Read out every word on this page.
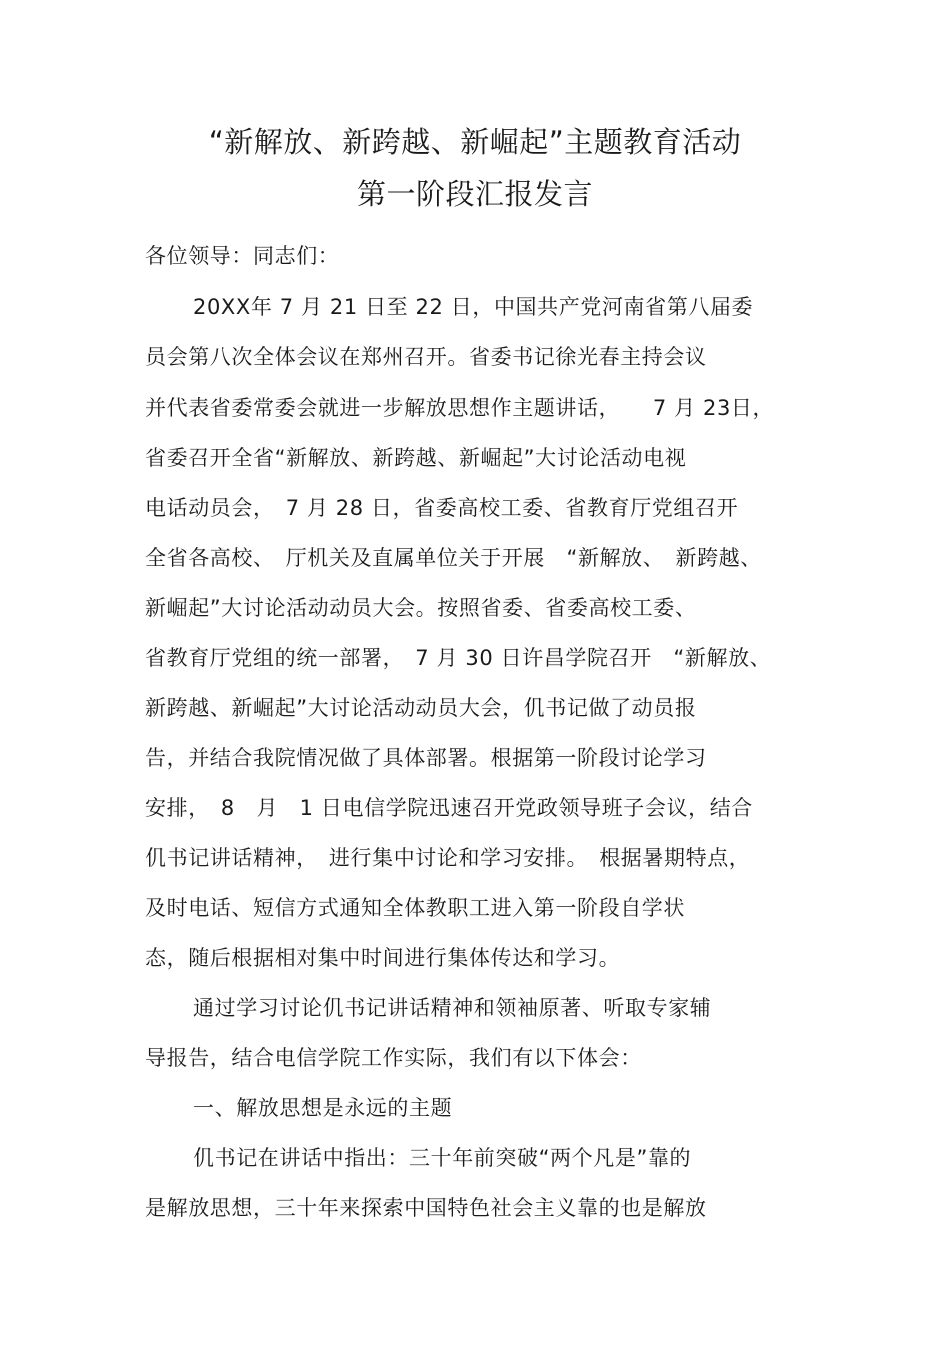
“新解放、新跨越、新崛起”主题教育活动
第一阶段汇报发言
各位领导：同志们：
20XX年 7 月 21 日至 22 日，中国共产党河南省第八届委
员会第八次全体会议在郑州召开。省委书记徐光春主持会议
并代表省委常委会就进一步解放思想作主题讲话，　　7 月 23日，
省委召开全省“新解放、新跨越、新崛起”大讨论活动电视
电话动员会，　7 月 28 日，省委高校工委、省教育厅党组召开
全省各高校、　厅机关及直属单位关于开展　“新解放、　新跨越、
新崛起”大讨论活动动员大会。按照省委、省委高校工委、
省教育厅党组的统一部署，　7 月 30 日许昌学院召开　“新解放、
新跨越、新崛起”大讨论活动动员大会，仉书记做了动员报
告，并结合我院情况做了具体部署。根据第一阶段讨论学习
安排，　8　月　1 日电信学院迅速召开党政领导班子会议，结合
仉书记讲话精神，　进行集中讨论和学习安排。　根据暑期特点，
及时电话、短信方式通知全体教职工进入第一阶段自学状
态，随后根据相对集中时间进行集体传达和学习。
通过学习讨论仉书记讲话精神和领袖原著、听取专家辅
导报告，结合电信学院工作实际，我们有以下体会：
一、解放思想是永远的主题
仉书记在讲话中指出：三十年前突破“两个凡是”靠的
是解放思想，三十年来探索中国特色社会主义靠的也是解放
